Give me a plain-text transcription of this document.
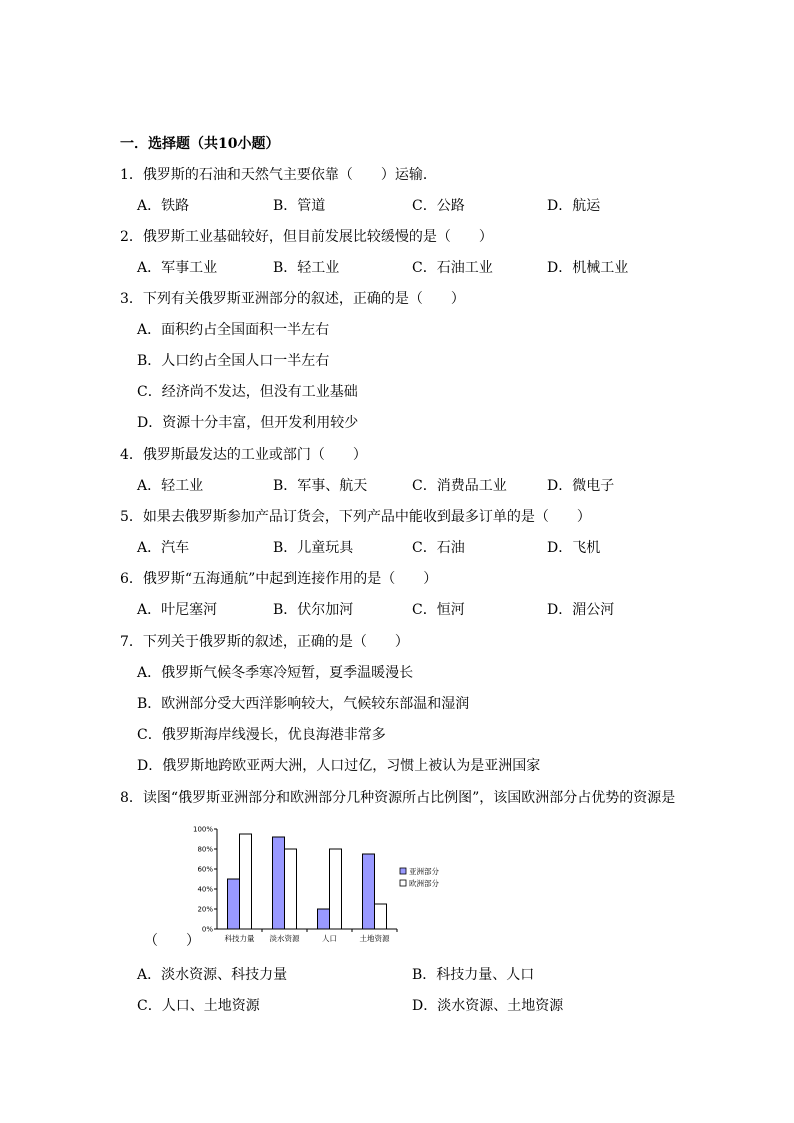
一．选择题（共10小题）
1．俄罗斯的石油和天然气主要依靠（　　）运输．
A．铁路	B．管道	C．公路	D．航运
2．俄罗斯工业基础较好，但目前发展比较缓慢的是（　　）
A．军事工业	B．轻工业	C．石油工业	D．机械工业
3．下列有关俄罗斯亚洲部分的叙述，正确的是（　　）
A．面积约占全国面积一半左右
B．人口约占全国人口一半左右
C．经济尚不发达，但没有工业基础
D．资源十分丰富，但开发利用较少
4．俄罗斯最发达的工业或部门（　　）
A．轻工业	B．军事、航天	C．消费品工业	D．微电子
5．如果去俄罗斯参加产品订货会，下列产品中能收到最多订单的是（　　）
A．汽车	B．儿童玩具	C．石油	D．飞机
6．俄罗斯“五海通航”中起到连接作用的是（　　）
A．叶尼塞河	B．伏尔加河	C．恒河	D．湄公河
7．下列关于俄罗斯的叙述，正确的是（　　）
A．俄罗斯气候冬季寒冷短暂，夏季温暖漫长
B．欧洲部分受大西洋影响较大，气候较东部温和湿润
C．俄罗斯海岸线漫长，优良海港非常多
D．俄罗斯地跨欧亚两大洲，人口过亿，习惯上被认为是亚洲国家
8．读图“俄罗斯亚洲部分和欧洲部分几种资源所占比例图”，该国欧洲部分占优势的资源是
科技力量 淡水资源	人口	土地资源
0%
20%
40%
60%
80%
100%
亚洲部分
欧洲部分
（　　）
A．淡水资源、科技力量	B．科技力量、人口
C．人口、土地资源	D．淡水资源、土地资源
